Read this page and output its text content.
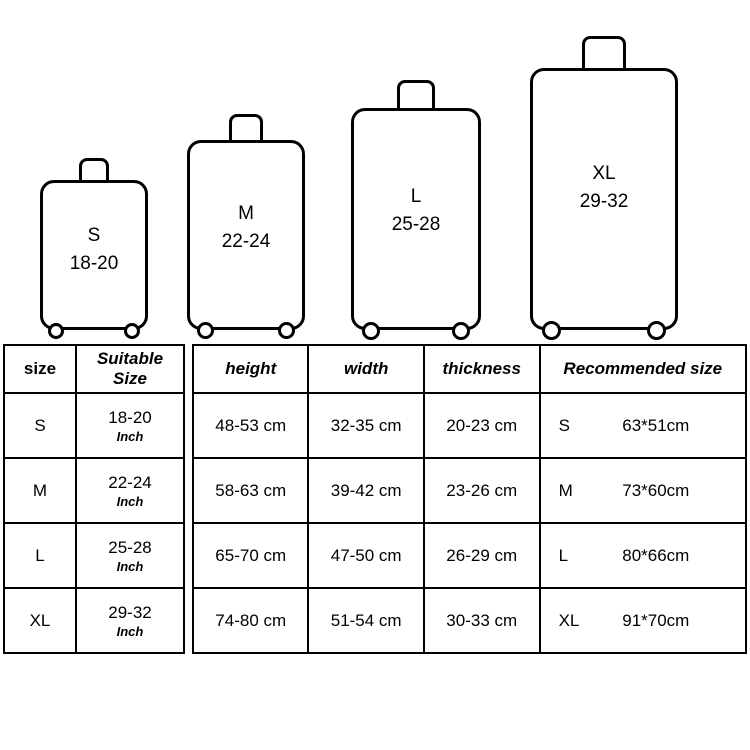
S
18-20
M
22-24
L
25-28
XL
29-32
size	Suitable
Size
S	18-20
Inch

M	22-24
Inch

L	25-28
Inch

XL	29-32
Inch
height	width	thickness	Recommended size
48-53 cm	32-35 cm	20-23 cm	S 63*51cm

58-63 cm	39-42 cm	23-26 cm	M 73*60cm

65-70 cm	47-50 cm	26-29 cm	L 80*66cm

74-80 cm	51-54 cm	30-33 cm	XL 91*70cm
